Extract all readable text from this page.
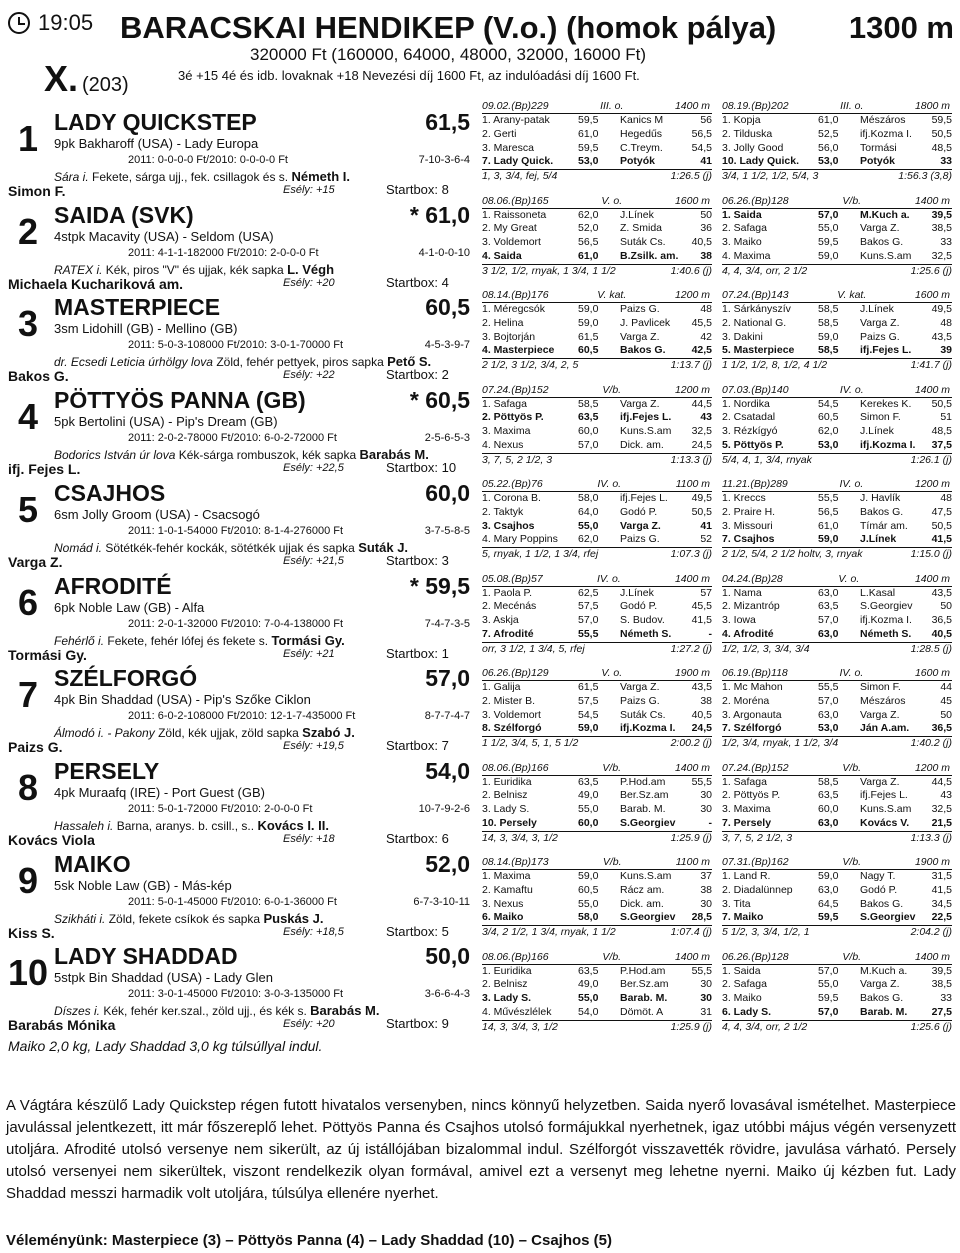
19:05
X. (203)
BARACSKAI HENDIKEP (V.o.) (homok pálya) 1300 m
320000 Ft (160000, 64000, 48000, 32000, 16000 Ft)
3é +15 4é és idb. lovaknak +18 Nevezési díj 1600 Ft, az indulóadási díj 1600 Ft.
1 LADY QUICKSTEP	61,5
9pk Bakharoff (USA) - Lady Europa
2011: 0-0-0-0 Ft/2010: 0-0-0-0 Ft	7-10-3-6-4
Sára i. Fekete, sárga ujj., fek. csillagok és s. Németh I.
Simon F.	Esély: +15	Startbox: 8
2 SAIDA (SVK)	* 61,0
4stpk Macavity (USA) - Seldom (USA)
2011: 4-1-1-182000 Ft/2010: 2-0-0-0 Ft	4-1-0-0-10
RATEX i. Kék, piros "V" és ujjak, kék sapka L. Végh
Michaela Kuchariková am.	Esély: +20	Startbox: 4
3 MASTERPIECE	60,5
3sm Lidohill (GB) - Mellino (GB)
2011: 5-0-3-108000 Ft/2010: 3-0-1-70000 Ft	4-5-3-9-7
dr. Ecsedi Leticia úrhölgy lova Zöld, fehér pettyek, piros sapka Pető S.
Bakos G.	Esély: +22	Startbox: 2
4 PÖTTYÖS PANNA (GB)	* 60,5
5pk Bertolini (USA) - Pip's Dream (GB)
2011: 2-0-2-78000 Ft/2010: 6-0-2-72000 Ft	2-5-6-5-3
Bodorics István úr lova Kék-sárga rombuszok, kék sapka Barabás M.
ifj. Fejes L.	Esély: +22,5	Startbox: 10
5 CSAJHOS	60,0
6sm Jolly Groom (USA) - Csacsogó
2011: 1-0-1-54000 Ft/2010: 8-1-4-276000 Ft	3-7-5-8-5
Nomád i. Sötétkék-fehér kockák, sötétkék ujjak és sapka Suták J.
Varga Z.	Esély: +21,5	Startbox: 3
6 AFRODITÉ	* 59,5
6pk Noble Law (GB) - Alfa
2011: 2-0-1-32000 Ft/2010: 7-0-4-138000 Ft	7-4-7-3-5
Fehérlő i. Fekete, fehér lófej és fekete s. Tormási Gy.
Tormási Gy.	Esély: +21	Startbox: 1
7 SZÉLFORGÓ	57,0
4pk Bin Shaddad (USA) - Pip's Szőke Ciklon
2011: 6-0-2-108000 Ft/2010: 12-1-7-435000 Ft	8-7-7-4-7
Álmodó i. - Pakony Zöld, kék ujjak, zöld sapka Szabó J.
Paizs G.	Esély: +19,5	Startbox: 7
8 PERSELY	54,0
4pk Muraafq (IRE) - Port Guest (GB)
2011: 5-0-1-72000 Ft/2010: 2-0-0-0 Ft	10-7-9-2-6
Hassaleh i. Barna, aranys. b. csill., s.. Kovács I. II.
Kovács Viola	Esély: +18	Startbox: 6
9 MAIKO	52,0
5sk Noble Law (GB) - Más-kép
2011: 5-0-1-45000 Ft/2010: 6-0-1-36000 Ft	6-7-3-10-11
Szikháti i. Zöld, fekete csíkok és sapka Puskás J.
Kiss S.	Esély: +18,5	Startbox: 5
10 LADY SHADDAD	50,0
5stpk Bin Shaddad (USA) - Lady Glen
2011: 3-0-1-45000 Ft/2010: 3-0-3-135000 Ft	3-6-6-4-3
Díszes i. Kék, fehér ker.szal., zöld ujj., és kék s. Barabás M.
Barabás Mónika	Esély: +20	Startbox: 9
Maiko 2,0 kg, Lady Shaddad 3,0 kg túlsúllyal indul.
09.02.(Bp)229	III. o.	1400 m
1. Arany-patak	59,5	Kanics M	56
2. Gerti	61,0	Hegedűs	56,5
3. Maresca	59,5	C.Treym.	54,5
7. Lady Quick.	53,0	Potyók	41
1, 3, 3/4, fej, 5/4	1:26.5 (j)
08.19.(Bp)202	III. o.	1800 m
1. Kopja	61,0	Mészáros	59,5
2. Tilduska	52,5	ifj.Kozma I.	50,5
3. Jolly Good	56,0	Tormási	48,5
10. Lady Quick.	53,0	Potyók	33
3/4, 1 1/2, 1/2, 5/4, 3	1:56.3 (3,8)
08.06.(Bp)165	V. o.	1600 m
1. Raissoneta	62,0	J.Línek	50
2. My Great	52,0	Z. Smida	36
3. Voldemort	56,5	Suták Cs.	40,5
4. Saida	61,0	B.Zsilk. am.	38
3 1/2, 1/2, rnyak, 1 3/4, 1 1/2	1:40.6 (j)
06.26.(Bp)128	V/b.	1400 m
1. Saida	57,0	M.Kuch a.	39,5
2. Safaga	55,0	Varga Z.	38,5
3. Maiko	59,5	Bakos G.	33
4. Maxima	59,0	Kuns.S.am	32,5
4, 4, 3/4, orr, 2 1/2	1:25.6 (j)
08.14.(Bp)176	V. kat.	1200 m
1. Méregcsók	59,0	Paizs G.	48
2. Helina	59,0	J. Pavlicek	45,5
3. Bojtorján	61,5	Varga Z.	42
4. Masterpiece	60,5	Bakos G.	42,5
2 1/2, 3 1/2, 3/4, 2, 5	1:13.7 (j)
07.24.(Bp)143	V. kat.	1600 m
1. Sárkányszív	58,5	J.Línek	49,5
2. National G.	58,5	Varga Z.	48
3. Dakini	59,0	Paizs G.	43,5
5. Masterpiece	58,5	ifj.Fejes L.	39
1 1/2, 1/2, 8, 1/2, 4 1/2	1:41.7 (j)
07.24.(Bp)152	V/b.	1200 m
1. Safaga	58,5	Varga Z.	44,5
2. Pöttyös P.	63,5	ifj.Fejes L.	43
3. Maxima	60,0	Kuns.S.am	32,5
4. Nexus	57,0	Dick. am.	24,5
3, 7, 5, 2 1/2, 3	1:13.3 (j)
07.03.(Bp)140	IV. o.	1400 m
1. Nordika	54,5	Kerekes K.	50,5
2. Csatadal	60,5	Simon F.	51
3. Rézkígyó	62,0	J.Línek	48,5
5. Pöttyös P.	53,0	ifj.Kozma I.	37,5
5/4, 4, 1, 3/4, rnyak	1:26.1 (j)
05.22.(Bp)76	IV. o.	1100 m
1. Corona B.	58,0	ifj.Fejes L.	49,5
2. Taktyk	64,0	Godó P.	50,5
3. Csajhos	55,0	Varga Z.	41
4. Mary Poppins	62,0	Paizs G.	52
5, rnyak, 1 1/2, 1 3/4, rfej	1:07.3 (j)
11.21.(Bp)289	IV. o.	1200 m
1. Kreccs	55,5	J. Havlík	48
2. Praire H.	56,5	Bakos G.	47,5
3. Missouri	61,0	Tímár am.	50,5
7. Csajhos	59,0	J.Línek	41,5
2 1/2, 5/4, 2 1/2 holtv, 3, rnyak	1:15.0 (j)
05.08.(Bp)57	IV. o.	1400 m
1. Paola P.	62,5	J.Línek	57
2. Mecénás	57,5	Godó P.	45,5
3. Askja	57,0	S. Budov.	41,5
7. Afrodité	55,5	Németh S.	-
orr, 3 1/2, 1 3/4, 5, rfej	1:27.2 (j)
04.24.(Bp)28	V. o.	1400 m
1. Nama	63,0	L.Kasal	43,5
2. Mizantróp	63,5	S.Georgiev	50
3. Iowa	57,0	ifj.Kozma I.	36,5
4. Afrodité	63,0	Németh S.	40,5
1/2, 1/2, 3, 3/4, 3/4	1:28.5 (j)
06.26.(Bp)129	V. o.	1900 m
1. Galija	61,5	Varga Z.	43,5
2. Mister B.	57,5	Paizs G.	38
3. Voldemort	54,5	Suták Cs.	40,5
8. Szélforgó	59,0	ifj.Kozma I.	24,5
1 1/2, 3/4, 5, 1, 5 1/2	2:00.2 (j)
06.19.(Bp)118	IV. o.	1600 m
1. Mc Mahon	55,5	Simon F.	44
2. Moréna	57,0	Mészáros	45
3. Argonauta	63,0	Varga Z.	50
7. Szélforgó	53,0	Ján A.am.	36,5
1/2, 3/4, rnyak, 1 1/2, 3/4	1:40.2 (j)
08.06.(Bp)166	V/b.	1400 m
1. Euridika	63,5	P.Hod.am	55,5
2. Belnisz	49,0	Ber.Sz.am	30
3. Lady S.	55,0	Barab. M.	30
10. Persely	60,0	S.Georgiev	-
14, 3, 3/4, 3, 1/2	1:25.9 (j)
07.24.(Bp)152	V/b.	1200 m
1. Safaga	58,5	Varga Z.	44,5
2. Pöttyös P.	63,5	ifj.Fejes L.	43
3. Maxima	60,0	Kuns.S.am	32,5
7. Persely	63,0	Kovács V.	21,5
3, 7, 5, 2 1/2, 3	1:13.3 (j)
08.14.(Bp)173	V/b.	1100 m
1. Maxima	59,0	Kuns.S.am	37
2. Kamaftu	60,5	Rácz am.	38
3. Nexus	55,0	Dick. am.	30
6. Maiko	58,0	S.Georgiev	28,5
3/4, 2 1/2, 1 3/4, rnyak, 1 1/2	1:07.4 (j)
07.31.(Bp)162	V/b.	1900 m
1. Land R.	59,0	Nagy T.	31,5
2. Diadalünnep	63,0	Godó P.	41,5
3. Tita	64,5	Bakos G.	34,5
7. Maiko	59,5	S.Georgiev	22,5
5 1/2, 3, 3/4, 1/2, 1	2:04.2 (j)
08.06.(Bp)166	V/b.	1400 m
1. Euridika	63,5	P.Hod.am	55,5
2. Belnisz	49,0	Ber.Sz.am	30
3. Lady S.	55,0	Barab. M.	30
4. Művészlélek	54,0	Dömöt. A	31
14, 3, 3/4, 3, 1/2	1:25.9 (j)
06.26.(Bp)128	V/b.	1400 m
1. Saida	57,0	M.Kuch a.	39,5
2. Safaga	55,0	Varga Z.	38,5
3. Maiko	59,5	Bakos G.	33
6. Lady S.	57,0	Barab. M.	27,5
4, 4, 3/4, orr, 2 1/2	1:25.6 (j)
A Vágtára készülő Lady Quickstep régen futott hivatalos versenyben, nincs könnyű helyzetben. Saida nyerő lovasával ismételhet. Masterpiece javulással jelentkezett, itt már főszereplő lehet. Pöttyös Panna és Csajhos utolsó formájukkal nyerhetnek, igaz utóbbi május végén versenyzett utoljára. Afrodité utolsó versenye nem sikerült, az új istállójában bizalommal indul. Szélforgót visszavették rövidre, javulása várható. Persely utolsó versenyei nem sikerültek, viszont rendelkezik olyan formával, amivel ezt a versenyt meg lehetne nyerni. Maiko új kézben fut. Lady Shaddad messzi harmadik volt utoljára, túlsúlya ellenére nyerhet.
Véleményünk: Masterpiece (3) – Pöttyös Panna (4) – Lady Shaddad (10) – Csajhos (5)
